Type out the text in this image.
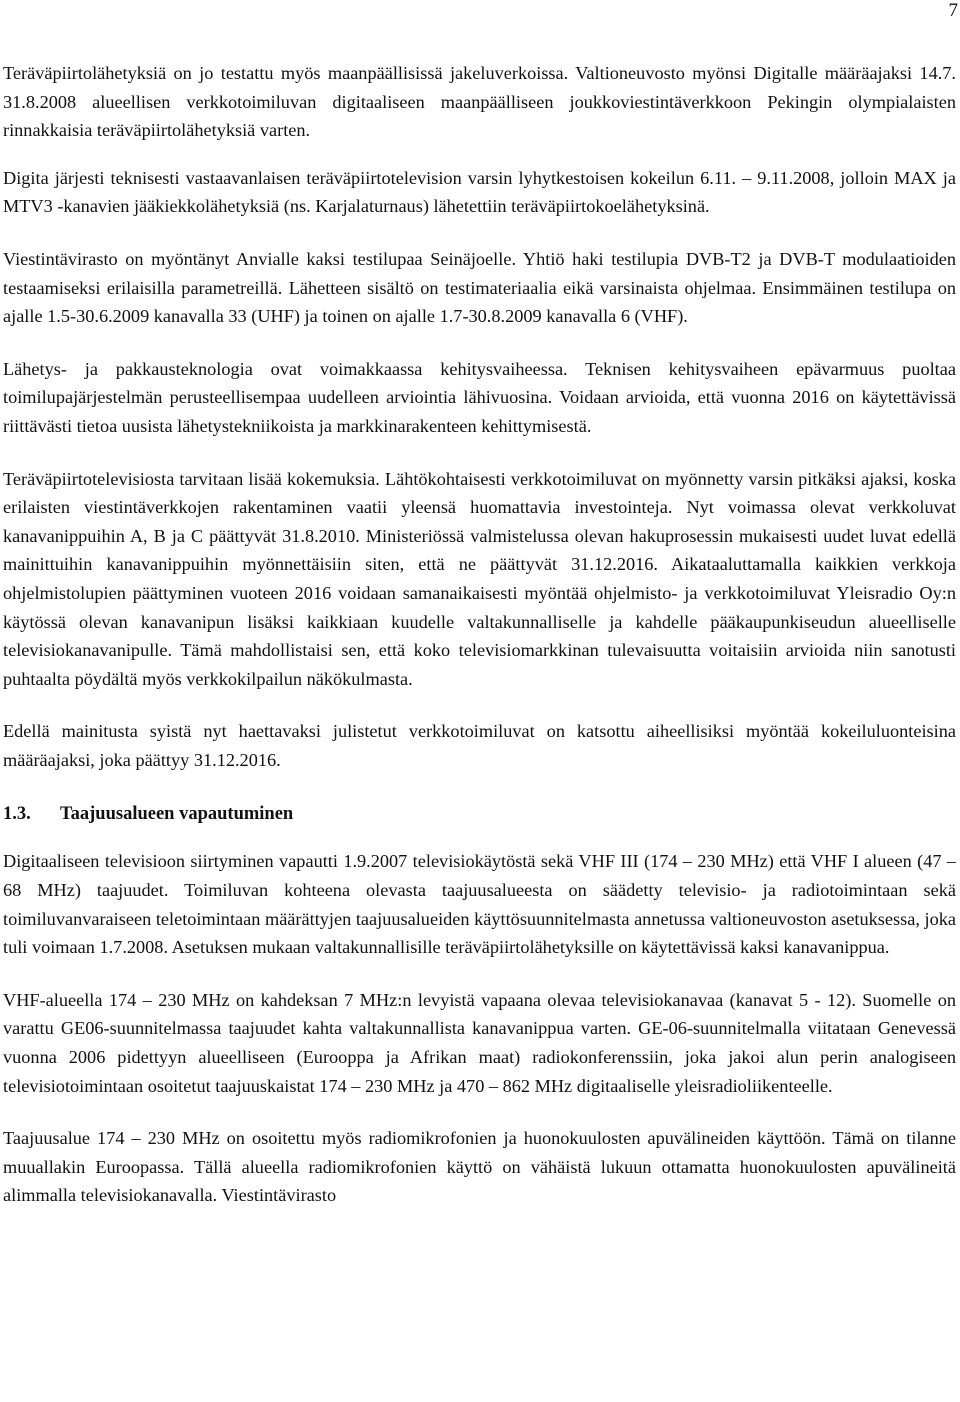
7

Teräväpiirtolähetyksiä on jo testattu myös maanpäällisissä jakeluverkoissa. Valtioneuvosto myönsi Digitalle määräajaksi 14.7. 31.8.2008 alueellisen verkkotoimiluvan digitaaliseen maanpäälliseen joukkoviestintäverkkoon Pekingin olympialaisten rinnakkaisia teräväpiirtolähetyksiä varten.

Digita järjesti teknisesti vastaavanlaisen teräväpiirtotelevision varsin lyhytkestoisen kokeilun 6.11. – 9.11.2008, jolloin MAX ja MTV3 -kanavien jääkiekkolähetyksiä (ns. Karjalaturnaus) lähetettiin teräväpiirtokoelähetyksinä.

Viestintävirasto on myöntänyt Anvialle kaksi testilupaa Seinäjoelle. Yhtiö haki testilupia DVB-T2 ja DVB-T modulaatioiden testaamiseksi erilaisilla parametreillä. Lähetteen sisältö on testimateriaalia eikä varsinaista ohjelmaa. Ensimmäinen testilupa on ajalle 1.5-30.6.2009 kanavalla 33 (UHF) ja toinen on ajalle 1.7-30.8.2009 kanavalla 6 (VHF).

Lähetys- ja pakkausteknologia ovat voimakkaassa kehitysvaiheessa. Teknisen kehitysvaiheen epävarmuus puoltaa toimilupajärjestelmän perusteellisempaa uudelleen arviointia lähivuosina. Voidaan arvioida, että vuonna 2016 on käytettävissä riittävästi tietoa uusista lähetystekniikoista ja markkinarakenteen kehittymisestä.

Teräväpiirtotelevisiosta tarvitaan lisää kokemuksia. Lähtökohtaisesti verkkotoimiluvat on myönnetty varsin pitkäksi ajaksi, koska erilaisten viestintäverkkojen rakentaminen vaatii yleensä huomattavia investointeja. Nyt voimassa olevat verkkoluvat kanavanippuihin A, B ja C päättyvät 31.8.2010. Ministeriössä valmistelussa olevan hakuprosessin mukaisesti uudet luvat edellä mainittuihin kanavanippuihin myönnettäisiin siten, että ne päättyvät 31.12.2016. Aikataaluttamalla kaikkien verkkoja ohjelmistolupien päättyminen vuoteen 2016 voidaan samanaikaisesti myöntää ohjelmisto- ja verkkotoimiluvat Yleisradio Oy:n käytössä olevan kanavanipun lisäksi kaikkiaan kuudelle valtakunnalliselle ja kahdelle pääkaupunkiseudun alueelliselle televisiokanavanipulle. Tämä mahdollistaisi sen, että koko televisiomarkkinan tulevaisuutta voitaisiin arvioida niin sanotusti puhtaalta pöydältä myös verkkokilpailun näkökulmasta.

Edellä mainitusta syistä nyt haettavaksi julistetut verkkotoimiluvat on katsottu aiheellisiksi myöntää kokeiluluonteisina määräajaksi, joka päättyy 31.12.2016.

1.3.	Taajuusalueen vapautuminen

Digitaaliseen televisioon siirtyminen vapautti 1.9.2007 televisiokäytöstä sekä VHF III (174 – 230 MHz) että VHF I alueen (47 – 68 MHz) taajuudet. Toimiluvan kohteena olevasta taajuusalueesta on säädetty televisio- ja radiotoimintaan sekä toimiluvanvaraiseen teletoimintaan määrättyjen taajuusalueiden käyttösuunnitelmasta annetussa valtioneuvoston asetuksessa, joka tuli voimaan 1.7.2008. Asetuksen mukaan valtakunnallisille teräväpiirtolähetyksille on käytettävissä kaksi kanavanippua.

VHF-alueella 174 – 230 MHz on kahdeksan 7 MHz:n levyistä vapaana olevaa televisiokanavaa (kanavat 5 - 12). Suomelle on varattu GE06-suunnitelmassa taajuudet kahta valtakunnallista kanavanippua varten. GE-06-suunnitelmalla viitataan Genevessä vuonna 2006 pidettyyn alueelliseen (Eurooppa ja Afrikan maat) radiokonferenssiin, joka jakoi alun perin analogiseen televisiotoimintaan osoitetut taajuuskaistat 174 – 230 MHz ja 470 – 862 MHz digitaaliselle yleisradioliikenteelle.

Taajuusalue 174 – 230 MHz on osoitettu myös radiomikrofonien ja huonokuulosten apuvälineiden käyttöön. Tämä on tilanne muuallakin Euroopassa. Tällä alueella radiomikrofonien käyttö on vähäistä lukuun ottamatta huonokuulosten apuvälineitä alimmalla televisiokanavalla. Viestintävirasto
